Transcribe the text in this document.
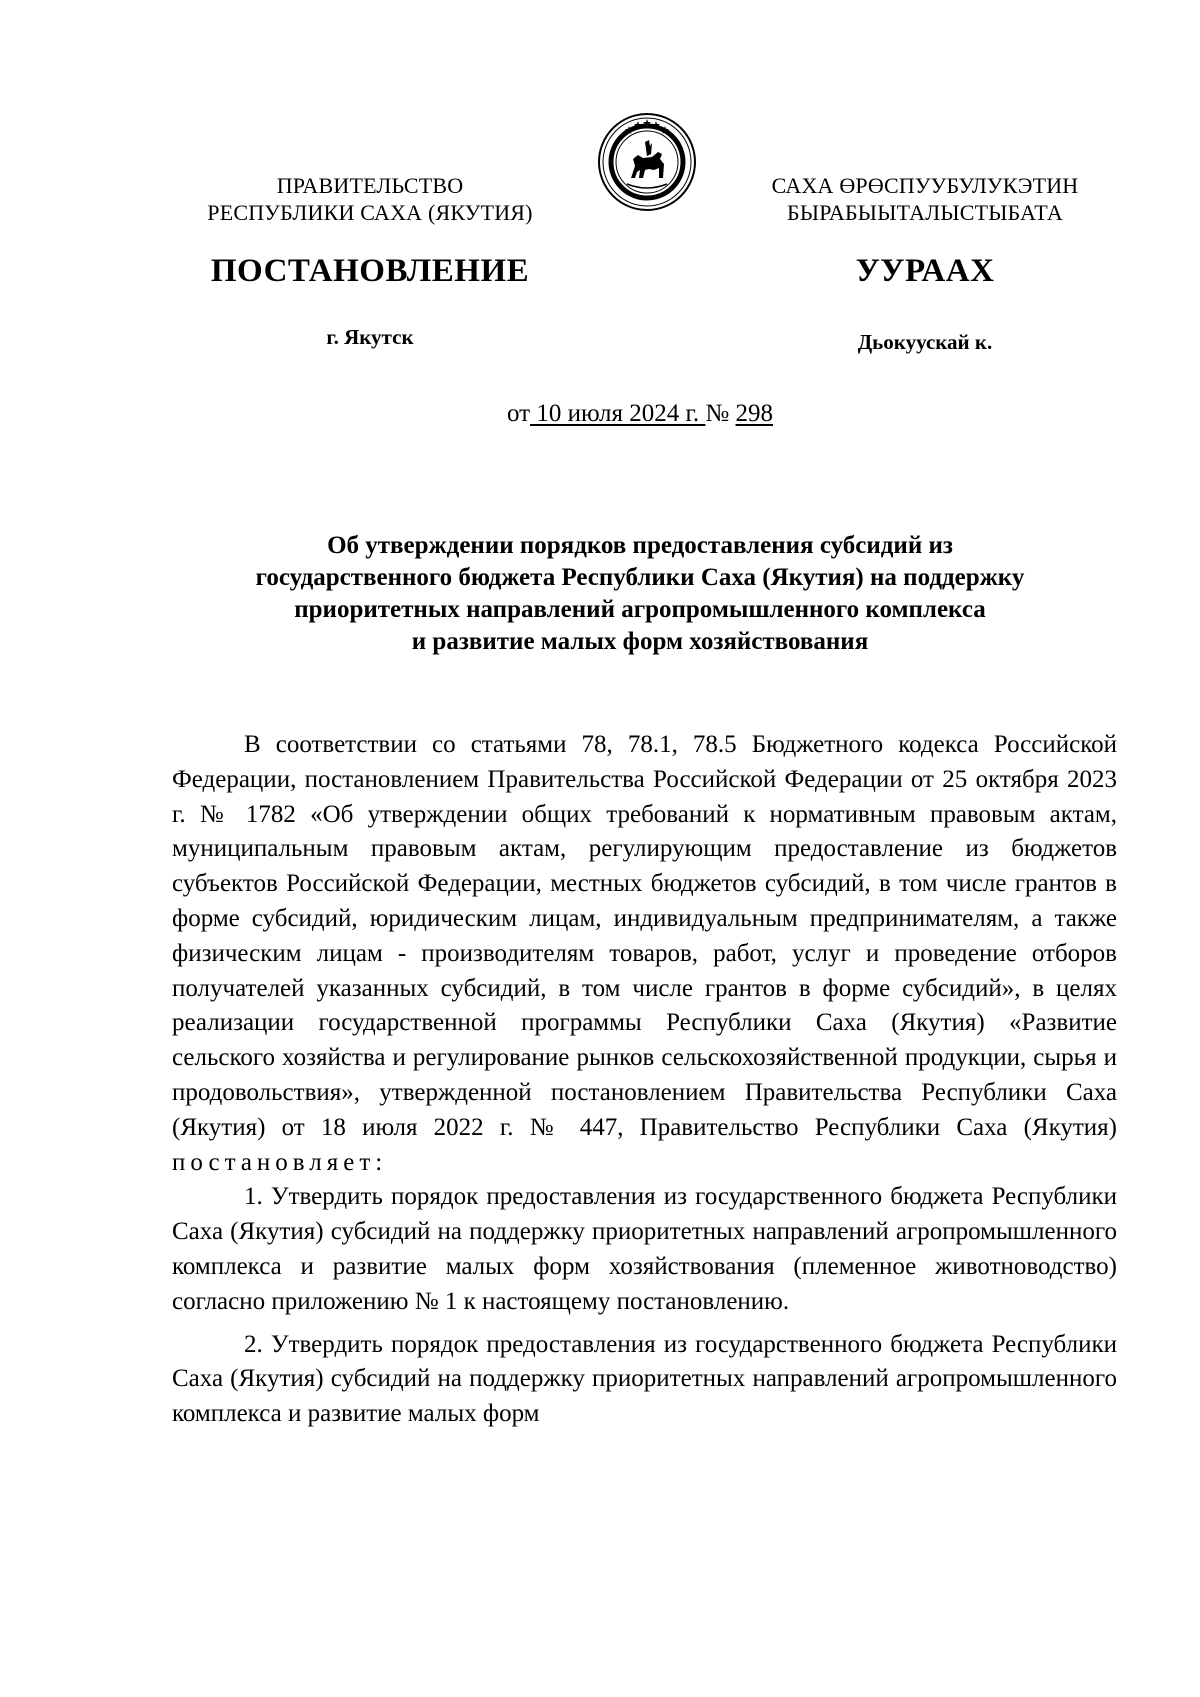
ПРАВИТЕЛЬСТВО
РЕСПУБЛИКИ САХА (ЯКУТИЯ)
САХА ӨРӨСПУУБУЛУКЭТИН
БЫРАБЫЫТАЛЫСТЫБАТА
ПОСТАНОВЛЕНИЕ	УУРААХ
г. Якутск	Дьокуускай к.
от 10 июля 2024 г. № 298
Об утверждении порядков предоставления субсидий из
государственного бюджета Республики Саха (Якутия) на поддержку
приоритетных направлений агропромышленного комплекса
и развитие малых форм хозяйствования

В соответствии со статьями 78, 78.1, 78.5 Бюджетного кодекса Российской Федерации, постановлением Правительства Российской Федерации от 25 октября 2023 г. № 1782 «Об утверждении общих требований к нормативным правовым актам, муниципальным правовым актам, регулирующим предоставление из бюджетов субъектов Российской Федерации, местных бюджетов субсидий, в том числе грантов в форме субсидий, юридическим лицам, индивидуальным предпринимателям, а также физическим лицам - производителям товаров, работ, услуг и проведение отборов получателей указанных субсидий, в том числе грантов в форме субсидий», в целях реализации государственной программы Республики Саха (Якутия) «Развитие сельского хозяйства и регулирование рынков сельскохозяйственной продукции, сырья и продовольствия», утвержденной постановлением Правительства Республики Саха (Якутия) от 18 июля 2022 г. № 447, Правительство Республики Саха (Якутия) постановляет:

1. Утвердить порядок предоставления из государственного бюджета Республики Саха (Якутия) субсидий на поддержку приоритетных направлений агропромышленного комплекса и развитие малых форм хозяйствования (племенное животноводство) согласно приложению № 1 к настоящему постановлению.

2. Утвердить порядок предоставления из государственного бюджета Республики Саха (Якутия) субсидий на поддержку приоритетных направлений агропромышленного комплекса и развитие малых форм
